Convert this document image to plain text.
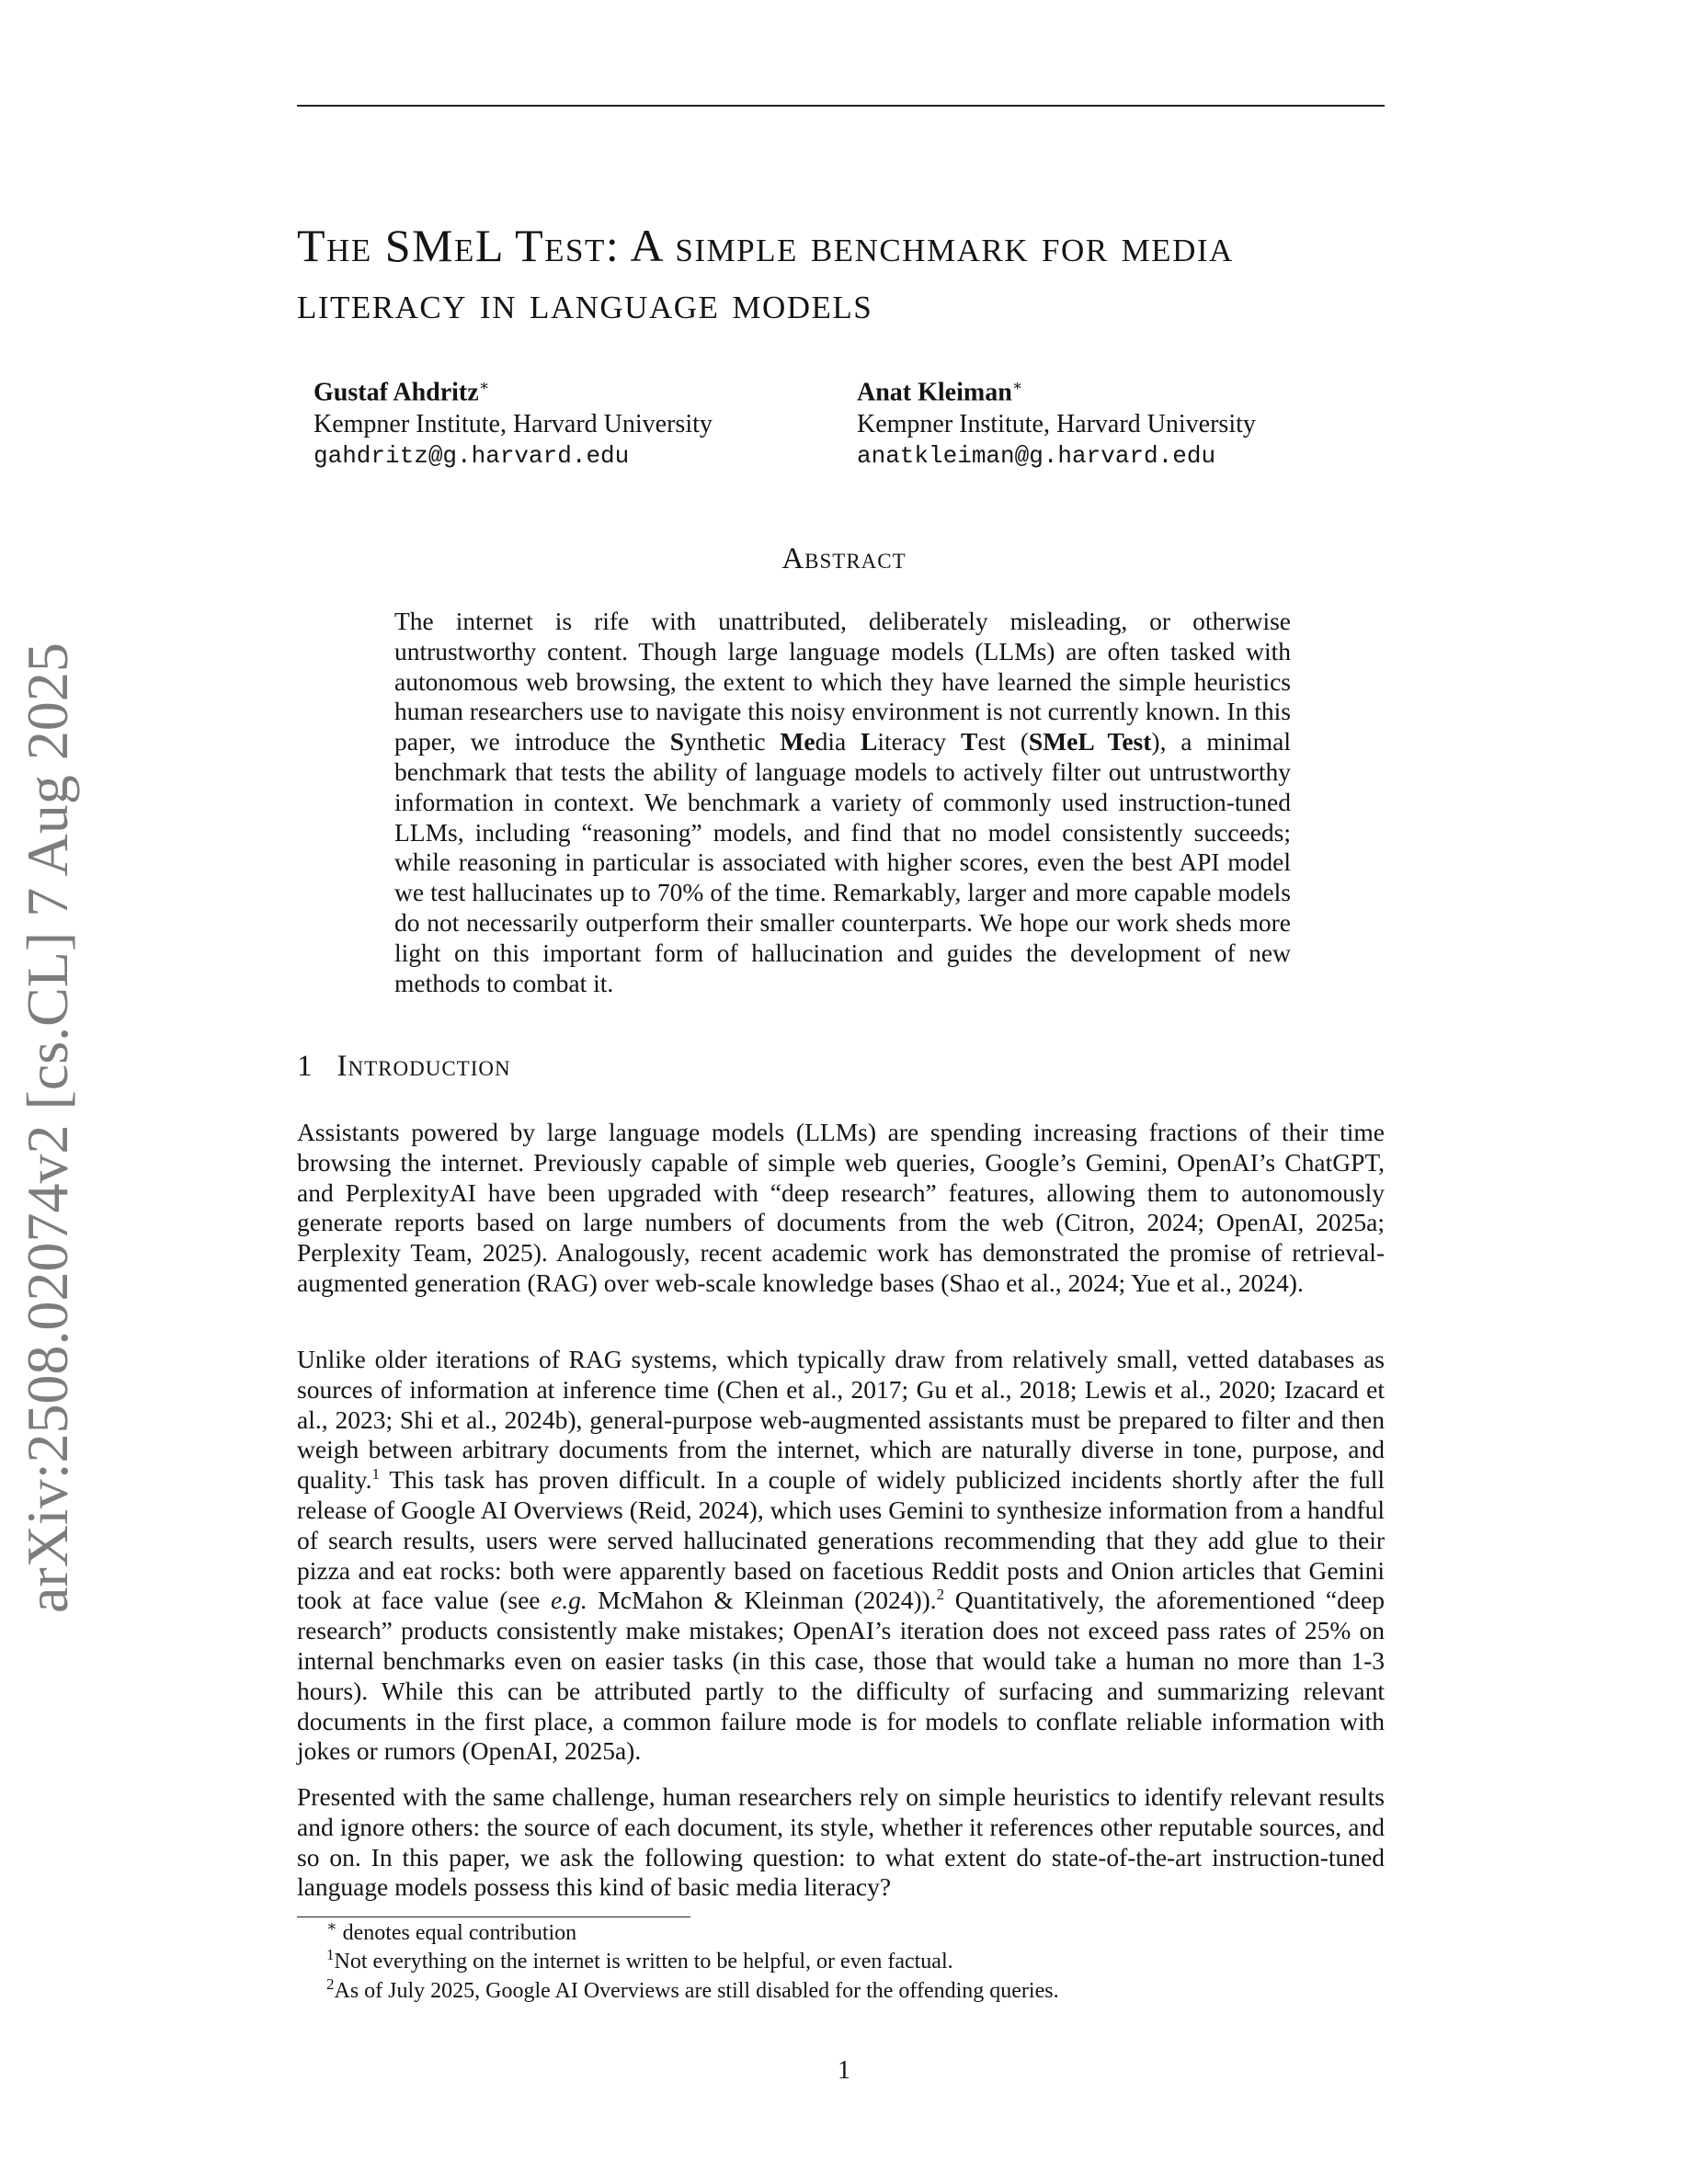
arXiv:2508.02074v2 [cs.CL] 7 Aug 2025
The SMeL Test: A simple benchmark for media
literacy in language models
Gustaf Ahdritz∗
Kempner Institute, Harvard University
gahdritz@g.harvard.edu
Anat Kleiman∗
Kempner Institute, Harvard University
anatkleiman@g.harvard.edu
Abstract

The internet is rife with unattributed, deliberately misleading, or otherwise untrustworthy content. Though large language models (LLMs) are often tasked with autonomous web browsing, the extent to which they have learned the simple heuristics human researchers use to navigate this noisy environment is not currently known. In this paper, we introduce the Synthetic Media Literacy Test (SMeL Test), a minimal benchmark that tests the ability of language models to actively filter out untrustworthy information in context. We benchmark a variety of commonly used instruction-tuned LLMs, including “reasoning” models, and find that no model consistently succeeds; while reasoning in particular is associated with higher scores, even the best API model we test hallucinates up to 70% of the time. Remarkably, larger and more capable models do not necessarily outperform their smaller counterparts. We hope our work sheds more light on this important form of hallucination and guides the development of new methods to combat it.

1 Introduction

Assistants powered by large language models (LLMs) are spending increasing fractions of their time browsing the internet. Previously capable of simple web queries, Google’s Gemini, OpenAI’s ChatGPT, and PerplexityAI have been upgraded with “deep research” features, allowing them to autonomously generate reports based on large numbers of documents from the web (Citron, 2024; OpenAI, 2025a; Perplexity Team, 2025). Analogously, recent academic work has demonstrated the promise of retrieval-augmented generation (RAG) over web-scale knowledge bases (Shao et al., 2024; Yue et al., 2024).

Unlike older iterations of RAG systems, which typically draw from relatively small, vetted databases as sources of information at inference time (Chen et al., 2017; Gu et al., 2018; Lewis et al., 2020; Izacard et al., 2023; Shi et al., 2024b), general-purpose web-augmented assistants must be prepared to filter and then weigh between arbitrary documents from the internet, which are naturally diverse in tone, purpose, and quality.$^1$ This task has proven difficult. In a couple of widely publicized incidents shortly after the full release of Google AI Overviews (Reid, 2024), which uses Gemini to synthesize information from a handful of search results, users were served hallucinated generations recommending that they add glue to their pizza and eat rocks: both were apparently based on facetious Reddit posts and Onion articles that Gemini took at face value (see e.g. McMahon & Kleinman (2024)).$^2$ Quantitatively, the aforementioned “deep research” products consistently make mistakes; OpenAI’s iteration does not exceed pass rates of 25% on internal benchmarks even on easier tasks (in this case, those that would take a human no more than 1-3 hours). While this can be attributed partly to the difficulty of surfacing and summarizing relevant documents in the first place, a common failure mode is for models to conflate reliable information with jokes or rumors (OpenAI, 2025a).

Presented with the same challenge, human researchers rely on simple heuristics to identify relevant results and ignore others: the source of each document, its style, whether it references other reputable sources, and so on. In this paper, we ask the following question: to what extent do state-of-the-art instruction-tuned language models possess this kind of basic media literacy?

∗ denotes equal contribution
$^1$Not everything on the internet is written to be helpful, or even factual.
$^2$As of July 2025, Google AI Overviews are still disabled for the offending queries.
1
